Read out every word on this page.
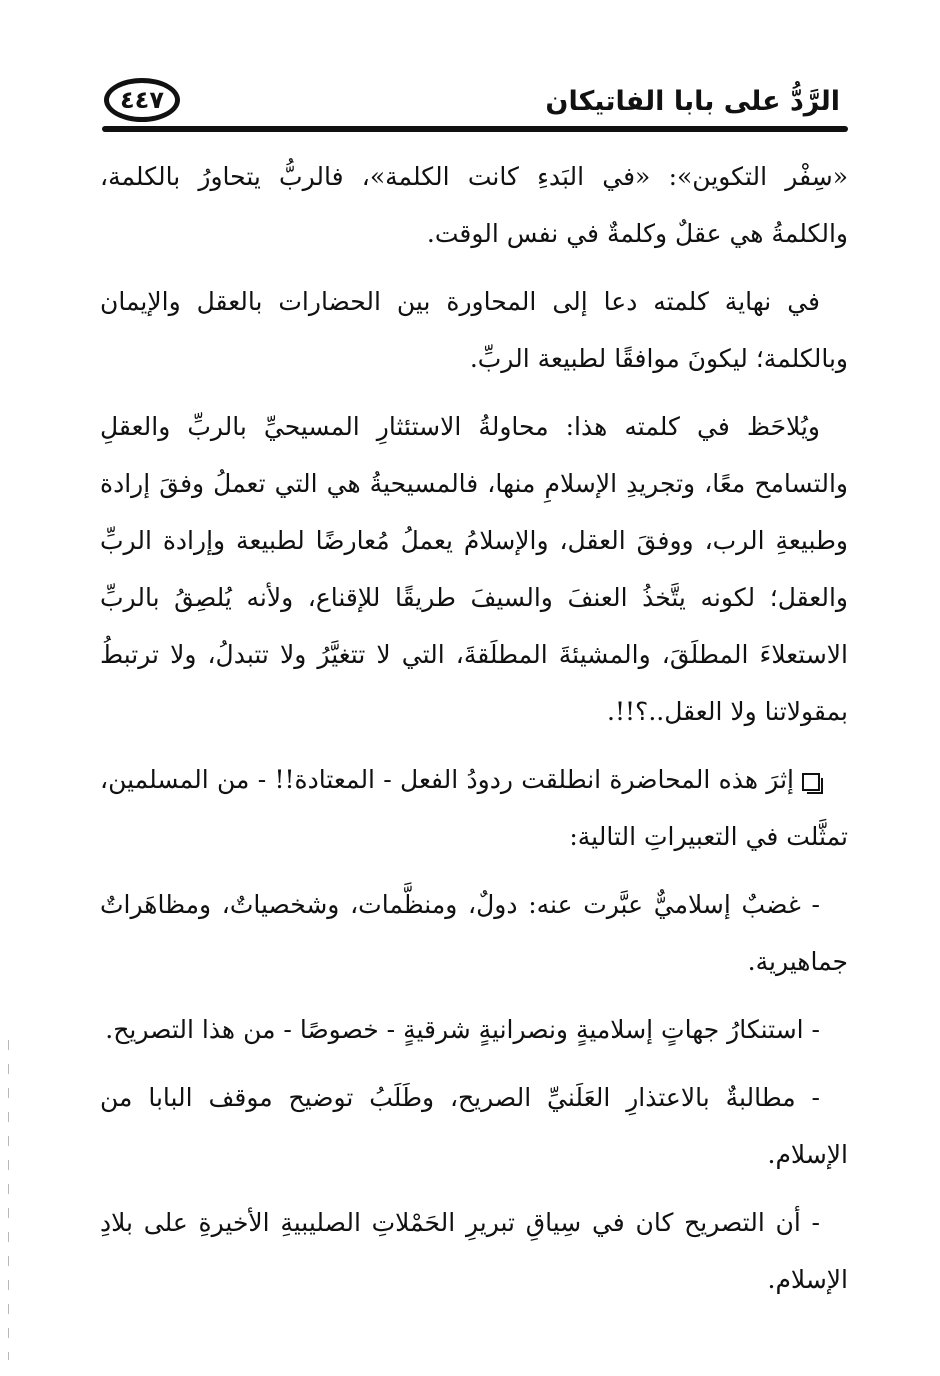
٤٤٧	الرَّدُّ على بابا الفاتيكان

«سِفْر التكوين»: «في البَدءِ كانت الكلمة»، فالربُّ يتحاورُ بالكلمة، والكلمةُ هي عقلٌ وكلمةٌ في نفس الوقت.

في نهاية كلمته دعا إلى المحاورة بين الحضارات بالعقل والإيمان وبالكلمة؛ ليكونَ موافقًا لطبيعة الربِّ.

ويُلاحَظ في كلمته هذا: محاولةُ الاستئثارِ المسيحيِّ بالربِّ والعقلِ والتسامح معًا، وتجريدِ الإسلامِ منها، فالمسيحيةُ هي التي تعملُ وفقَ إرادة وطبيعةِ الرب، ووفقَ العقل، والإسلامُ يعملُ مُعارضًا لطبيعة وإرادة الربِّ والعقل؛ لكونه يتَّخذُ العنفَ والسيفَ طريقًا للإقناع، ولأنه يُلصِقُ بالربِّ الاستعلاءَ المطلَقَ، والمشيئةَ المطلَقةَ، التي لا تتغيَّرُ ولا تتبدلُ، ولا ترتبطُ بمقولاتنا ولا العقل..؟!!.

إثرَ هذه المحاضرة انطلقت ردودُ الفعل - المعتادة!! - من المسلمين، تمثَّلت في التعبيراتِ التالية:

- غضبٌ إسلاميٌّ عبَّرت عنه: دولٌ، ومنظَّمات، وشخصياتٌ، ومظاهَراتٌ جماهيرية.

- استنكارُ جهاتٍ إسلاميةٍ ونصرانيةٍ شرقيةٍ - خصوصًا - من هذا التصريح.

- مطالبةٌ بالاعتذارِ العَلَنيِّ الصريح، وطَلَبُ توضيح موقف البابا من الإسلام.

- أن التصريح كان في سِياقِ تبريرِ الحَمْلاتِ الصليبيةِ الأخيرةِ على بلادِ الإسلام.
